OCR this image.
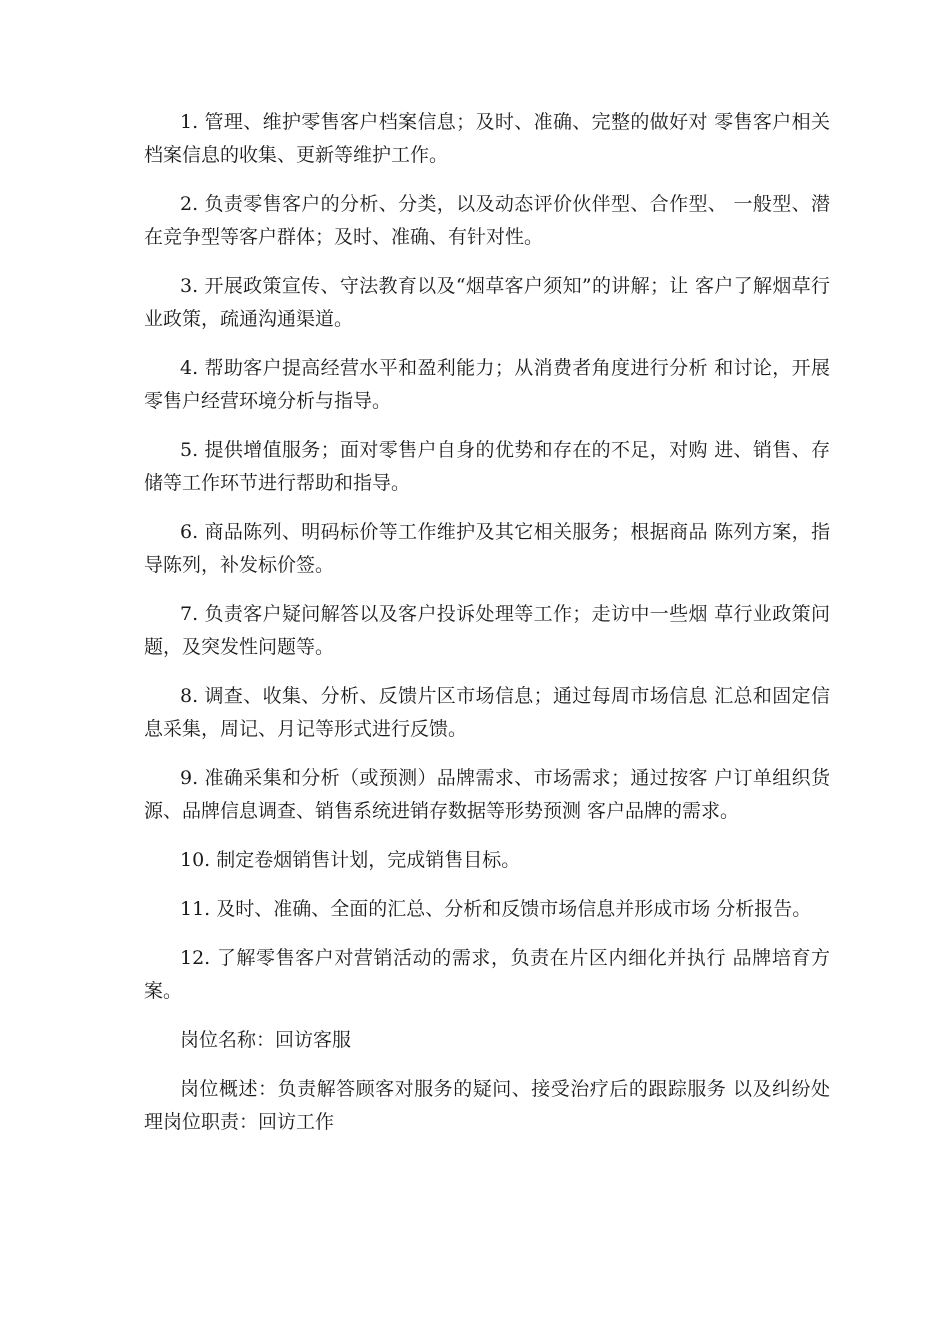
1. 管理、维护零售客户档案信息；及时、准确、完整的做好对 零售客户相关档案信息的收集、更新等维护工作。

2. 负责零售客户的分析、分类，以及动态评价伙伴型、合作型、 一般型、潜在竞争型等客户群体；及时、准确、有针对性。

3. 开展政策宣传、守法教育以及“烟草客户须知”的讲解；让 客户了解烟草行业政策，疏通沟通渠道。

4. 帮助客户提高经营水平和盈利能力；从消费者角度进行分析 和讨论，开展零售户经营环境分析与指导。

5. 提供增值服务；面对零售户自身的优势和存在的不足，对购 进、销售、存储等工作环节进行帮助和指导。

6. 商品陈列、明码标价等工作维护及其它相关服务；根据商品 陈列方案，指导陈列，补发标价签。

7. 负责客户疑问解答以及客户投诉处理等工作；走访中一些烟 草行业政策问题，及突发性问题等。

8. 调查、收集、分析、反馈片区市场信息；通过每周市场信息 汇总和固定信息采集，周记、月记等形式进行反馈。

9. 准确采集和分析（或预测）品牌需求、市场需求；通过按客 户订单组织货源、品牌信息调查、销售系统进销存数据等形势预测 客户品牌的需求。

10. 制定卷烟销售计划，完成销售目标。

11. 及时、准确、全面的汇总、分析和反馈市场信息并形成市场 分析报告。

12. 了解零售客户对营销活动的需求，负责在片区内细化并执行 品牌培育方案。

岗位名称：回访客服

岗位概述：负责解答顾客对服务的疑问、接受治疗后的跟踪服务 以及纠纷处理岗位职责：回访工作
